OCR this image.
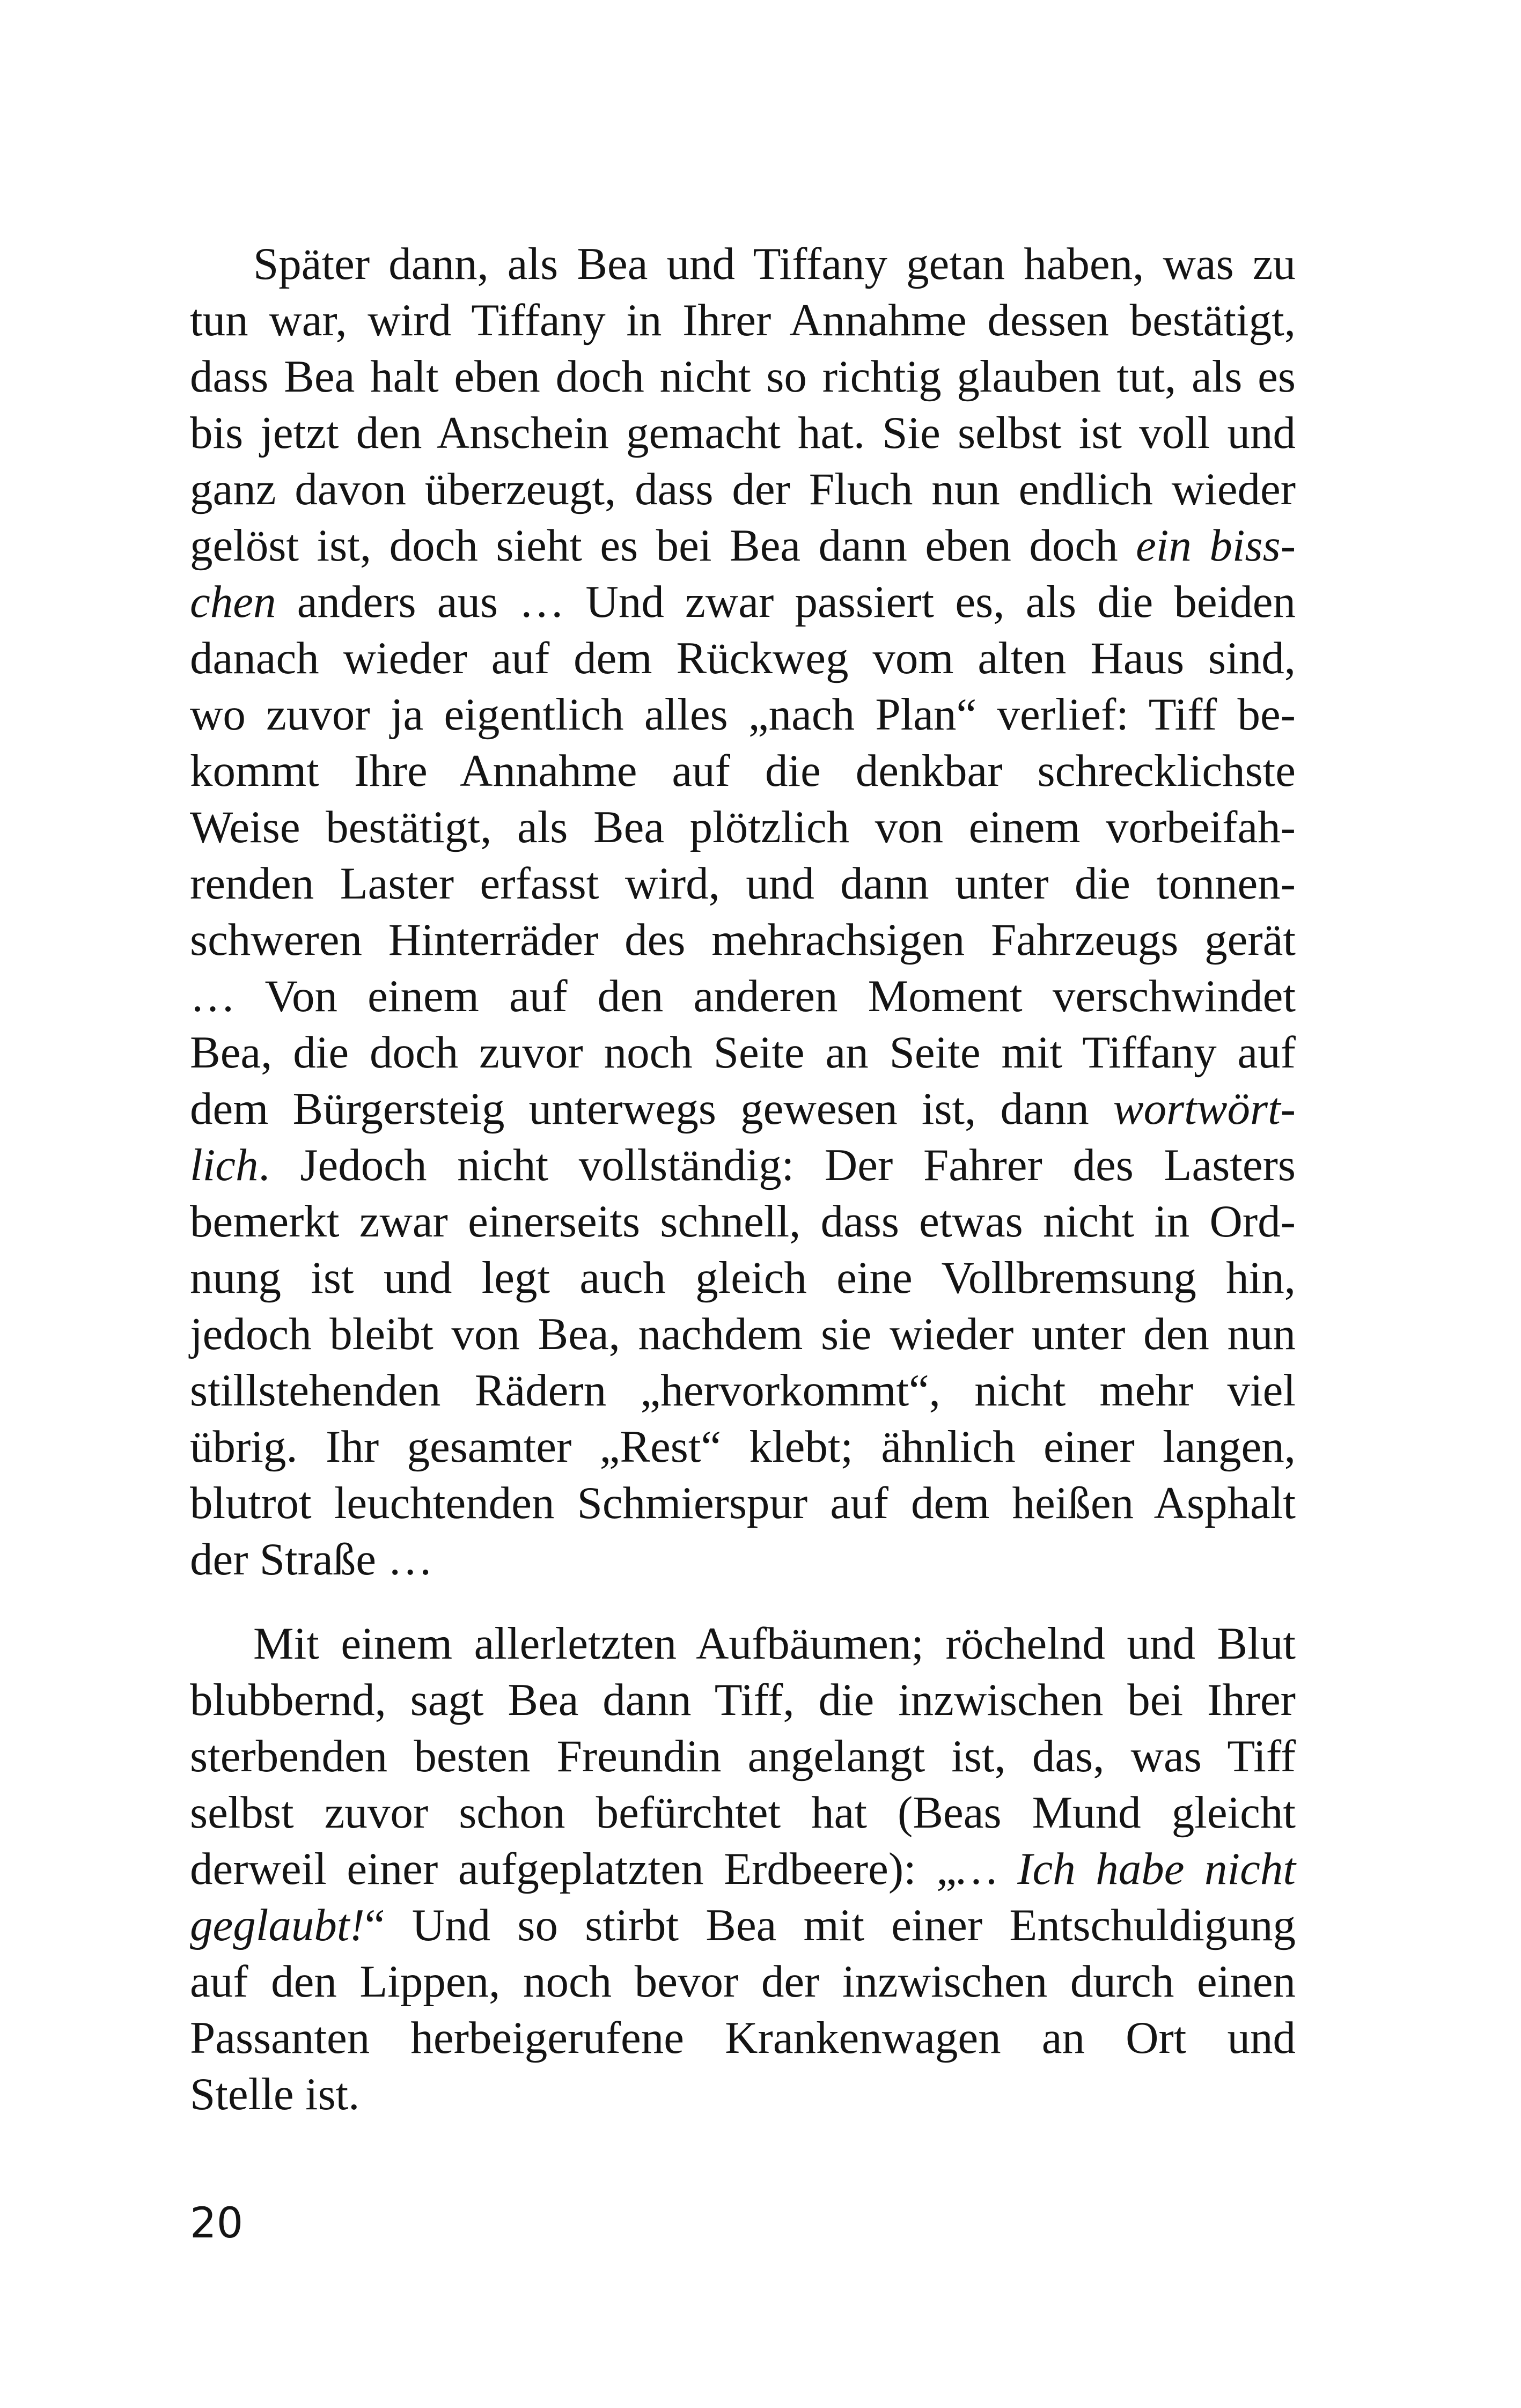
Später dann, als Bea und Tiffany getan haben, was zu
tun war, wird Tiffany in Ihrer Annahme dessen bestätigt,
dass Bea halt eben doch nicht so richtig glauben tut, als es
bis jetzt den Anschein gemacht hat. Sie selbst ist voll und
ganz davon überzeugt, dass der Fluch nun endlich wieder
gelöst ist, doch sieht es bei Bea dann eben doch ein biss-
chen anders aus … Und zwar passiert es, als die beiden
danach wieder auf dem Rückweg vom alten Haus sind,
wo zuvor ja eigentlich alles „nach Plan“ verlief: Tiff be-
kommt Ihre Annahme auf die denkbar schrecklichste
Weise bestätigt, als Bea plötzlich von einem vorbeifah-
renden Laster erfasst wird, und dann unter die tonnen-
schweren Hinterräder des mehrachsigen Fahrzeugs gerät
… Von einem auf den anderen Moment verschwindet
Bea, die doch zuvor noch Seite an Seite mit Tiffany auf
dem Bürgersteig unterwegs gewesen ist, dann wortwört-
lich. Jedoch nicht vollständig: Der Fahrer des Lasters
bemerkt zwar einerseits schnell, dass etwas nicht in Ord-
nung ist und legt auch gleich eine Vollbremsung hin,
jedoch bleibt von Bea, nachdem sie wieder unter den nun
stillstehenden Rädern „hervorkommt“, nicht mehr viel
übrig. Ihr gesamter „Rest“ klebt; ähnlich einer langen,
blutrot leuchtenden Schmierspur auf dem heißen Asphalt
der Straße …
Mit einem allerletzten Aufbäumen; röchelnd und Blut
blubbernd, sagt Bea dann Tiff, die inzwischen bei Ihrer
sterbenden besten Freundin angelangt ist, das, was Tiff
selbst zuvor schon befürchtet hat (Beas Mund gleicht
derweil einer aufgeplatzten Erdbeere): „… Ich habe nicht
geglaubt!“ Und so stirbt Bea mit einer Entschuldigung
auf den Lippen, noch bevor der inzwischen durch einen
Passanten herbeigerufene Krankenwagen an Ort und
Stelle ist.
20
